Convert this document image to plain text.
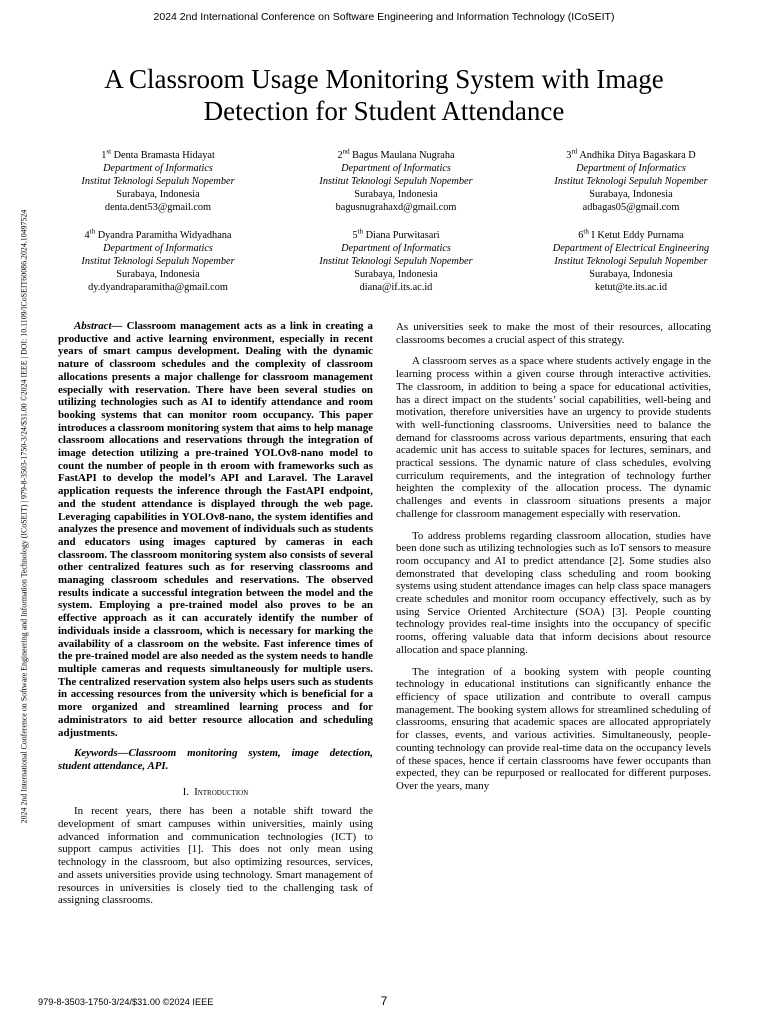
2024 2nd International Conference on Software Engineering and Information Technology (ICoSEIT)
2024 2nd International Conference on Software Engineering and Information Technology (ICoSEIT) | 979-8-3503-1750-3/24/$31.00 ©2024 IEEE | DOI: 10.1109/ICoSEIT60086.2024.10497524
A Classroom Usage Monitoring System with Image
Detection for Student Attendance
1st Denta Bramasta Hidayat
Department of Informatics
Institut Teknologi Sepuluh Nopember
Surabaya, Indonesia
denta.dent53@gmail.com
2nd Bagus Maulana Nugraha
Department of Informatics
Institut Teknologi Sepuluh Nopember
Surabaya, Indonesia
bagusnugrahaxd@gmail.com
3rd Andhika Ditya Bagaskara D
Department of Informatics
Institut Teknologi Sepuluh Nopember
Surabaya, Indonesia
adbagas05@gmail.com
4th Dyandra Paramitha Widyadhana
Department of Informatics
Institut Teknologi Sepuluh Nopember
Surabaya, Indonesia
dy.dyandraparamitha@gmail.com
5th Diana Purwitasari
Department of Informatics
Institut Teknologi Sepuluh Nopember
Surabaya, Indonesia
diana@if.its.ac.id
6th I Ketut Eddy Purnama
Department of Electrical Engineering
Institut Teknologi Sepuluh Nopember
Surabaya, Indonesia
ketut@te.its.ac.id

Abstract— Classroom management acts as a link in creating a productive and active learning environment, especially in recent years of smart campus development. Dealing with the dynamic nature of classroom schedules and the complexity of classroom allocations presents a major challenge for classroom management especially with reservation. There have been several studies on utilizing technologies such as AI to identify attendance and room booking systems that can monitor room occupancy. This paper introduces a classroom monitoring system that aims to help manage classroom allocations and reservations through the integration of image detection utilizing a pre-trained YOLOv8-nano model to count the number of people in th eroom with frameworks such as FastAPI to develop the model’s API and Laravel. The Laravel application requests the inference through the FastAPI endpoint, and the student attendance is displayed through the web page. Leveraging capabilities in YOLOv8-nano, the system identifies and analyzes the presence and movement of individuals such as students and educators using images captured by cameras in each classroom. The classroom monitoring system also consists of several other centralized features such as for reserving classrooms and managing classroom schedules and reservations. The observed results indicate a successful integration between the model and the system. Employing a pre-trained model also proves to be an effective approach as it can accurately identify the number of individuals inside a classroom, which is necessary for marking the availability of a classroom on the website. Fast inference times of the pre-trained model are also needed as the system needs to handle multiple cameras and requests simultaneously for multiple users. The centralized reservation system also helps users such as students in accessing resources from the university which is beneficial for a more organized and streamlined learning process and for administrators to aid better resource allocation and scheduling adjustments.

Keywords—Classroom monitoring system, image detection, student attendance, API.

I. Introduction

In recent years, there has been a notable shift toward the development of smart campuses within universities, mainly using advanced information and communication technologies (ICT) to support campus activities [1]. This does not only mean using technology in the classroom, but also optimizing resources, services, and assets universities provide using technology. Smart management of resources in universities is closely tied to the challenging task of assigning classrooms.

As universities seek to make the most of their resources, allocating classrooms becomes a crucial aspect of this strategy.

A classroom serves as a space where students actively engage in the learning process within a given course through interactive activities. The classroom, in addition to being a space for educational activities, has a direct impact on the students’ social capabilities, well-being and motivation, therefore universities have an urgency to provide students with well-functioning classrooms. Universities need to balance the demand for classrooms across various departments, ensuring that each academic unit has access to suitable spaces for lectures, seminars, and practical sessions. The dynamic nature of class schedules, evolving curriculum requirements, and the integration of technology further heighten the complexity of the allocation process. The dynamic challenges and events in classroom situations presents a major challenge for classroom management especially with reservation.

To address problems regarding classroom allocation, studies have been done such as utilizing technologies such as IoT sensors to measure room occupancy and AI to predict attendance [2]. Some studies also demonstrated that developing class scheduling and room booking systems using student attendance images can help class space managers create schedules and monitor room occupancy effectively, such as by using Service Oriented Architecture (SOA) [3]. People counting technology provides real-time insights into the occupancy of specific rooms, offering valuable data that inform decisions about resource allocation and space planning.

The integration of a booking system with people counting technology in educational institutions can significantly enhance the efficiency of space utilization and contribute to overall campus management. The booking system allows for streamlined scheduling of classrooms, ensuring that academic spaces are allocated appropriately for classes, events, and various activities. Simultaneously, people-counting technology can provide real-time data on the occupancy levels of these spaces, hence if certain classrooms have fewer occupants than expected, they can be repurposed or reallocated for different purposes. Over the years, many

979-8-3503-1750-3/24/$31.00 ©2024 IEEE	7
